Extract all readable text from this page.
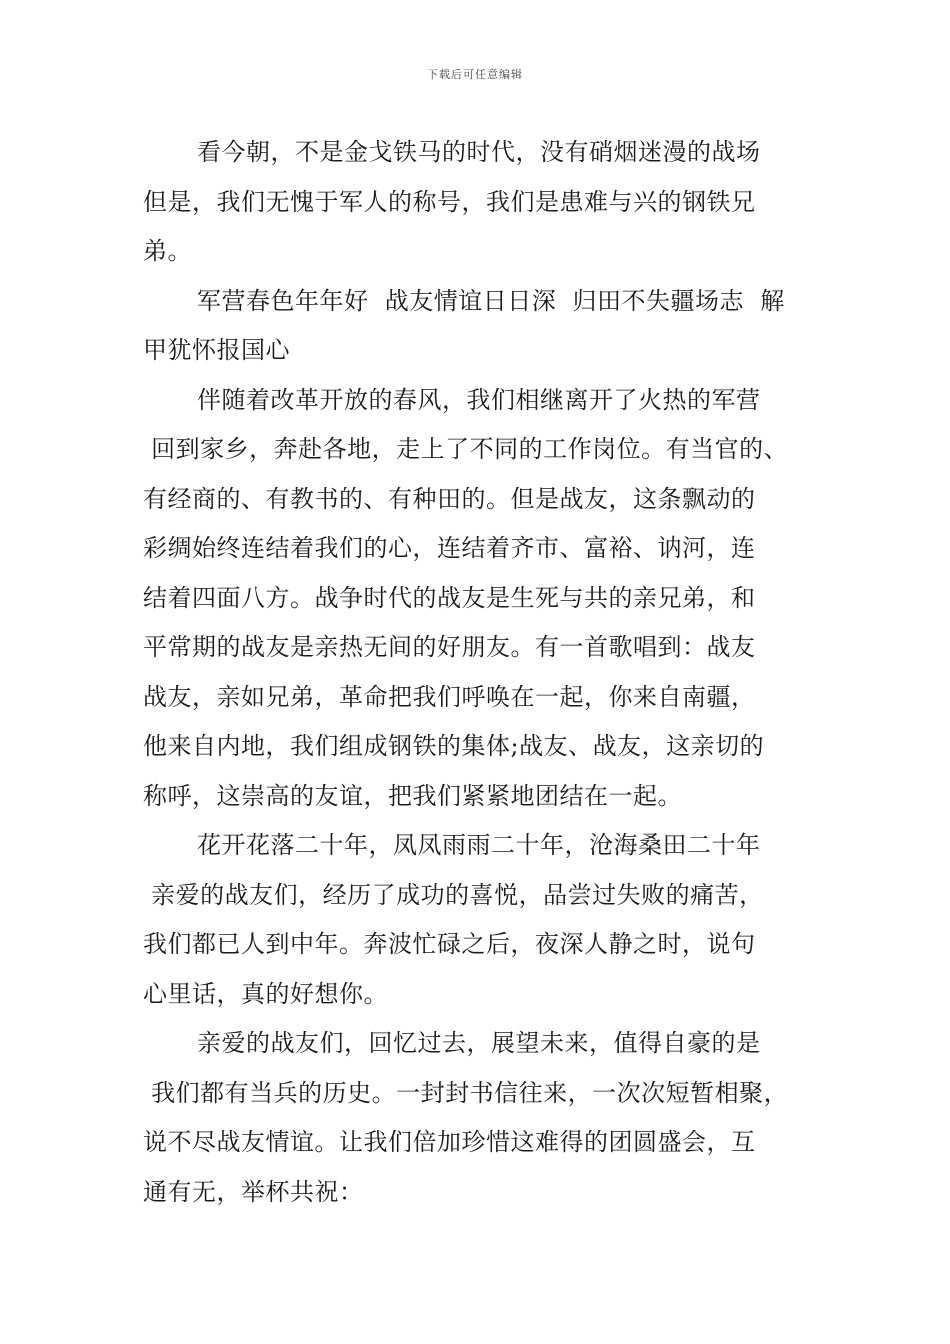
下载后可任意编辑
看今朝，不是金戈铁马的时代，没有硝烟迷漫的战场
但是，我们无愧于军人的称号，我们是患难与兴的钢铁兄
弟。
军营春色年年好  战友情谊日日深  归田不失疆场志  解
甲犹怀报国心
伴随着改革开放的春风，我们相继离开了火热的军营
回到家乡，奔赴各地，走上了不同的工作岗位。有当官的、
有经商的、有教书的、有种田的。但是战友，这条飘动的
彩绸始终连结着我们的心，连结着齐市、富裕、讷河，连
结着四面八方。战争时代的战友是生死与共的亲兄弟，和
平常期的战友是亲热无间的好朋友。有一首歌唱到：战友
战友，亲如兄弟，革命把我们呼唤在一起，你来自南疆，
他来自内地，我们组成钢铁的集体;战友、战友，这亲切的
称呼，这崇高的友谊，把我们紧紧地团结在一起。
花开花落二十年，凤凤雨雨二十年，沧海桑田二十年
亲爱的战友们，经历了成功的喜悦，品尝过失败的痛苦，
我们都已人到中年。奔波忙碌之后，夜深人静之时，说句
心里话，真的好想你。
亲爱的战友们，回忆过去，展望未来，值得自豪的是
我们都有当兵的历史。一封封书信往来，一次次短暂相聚，
说不尽战友情谊。让我们倍加珍惜这难得的团圆盛会，互
通有无，举杯共祝：
